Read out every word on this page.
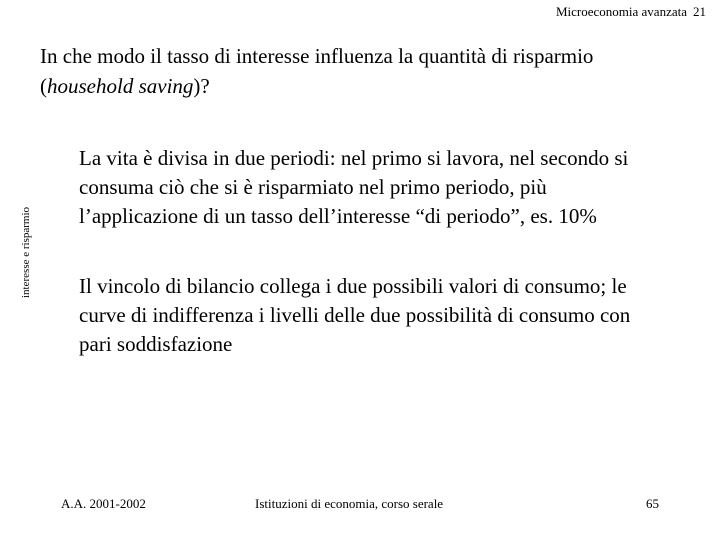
Microeconomia avanzata 21
In che modo il tasso di interesse influenza la quantità di risparmio
(household saving)?
interesse e risparmio
La vita è divisa in due periodi: nel primo si lavora, nel secondo si consuma ciò che si è risparmiato nel primo periodo, più l’applicazione di un tasso dell’interesse “di periodo”, es. 10%
Il vincolo di bilancio collega i due possibili valori di consumo; le curve di indifferenza i livelli delle due possibilità di consumo con pari soddisfazione
A.A. 2001-2002	Istituzioni di economia, corso serale	65
